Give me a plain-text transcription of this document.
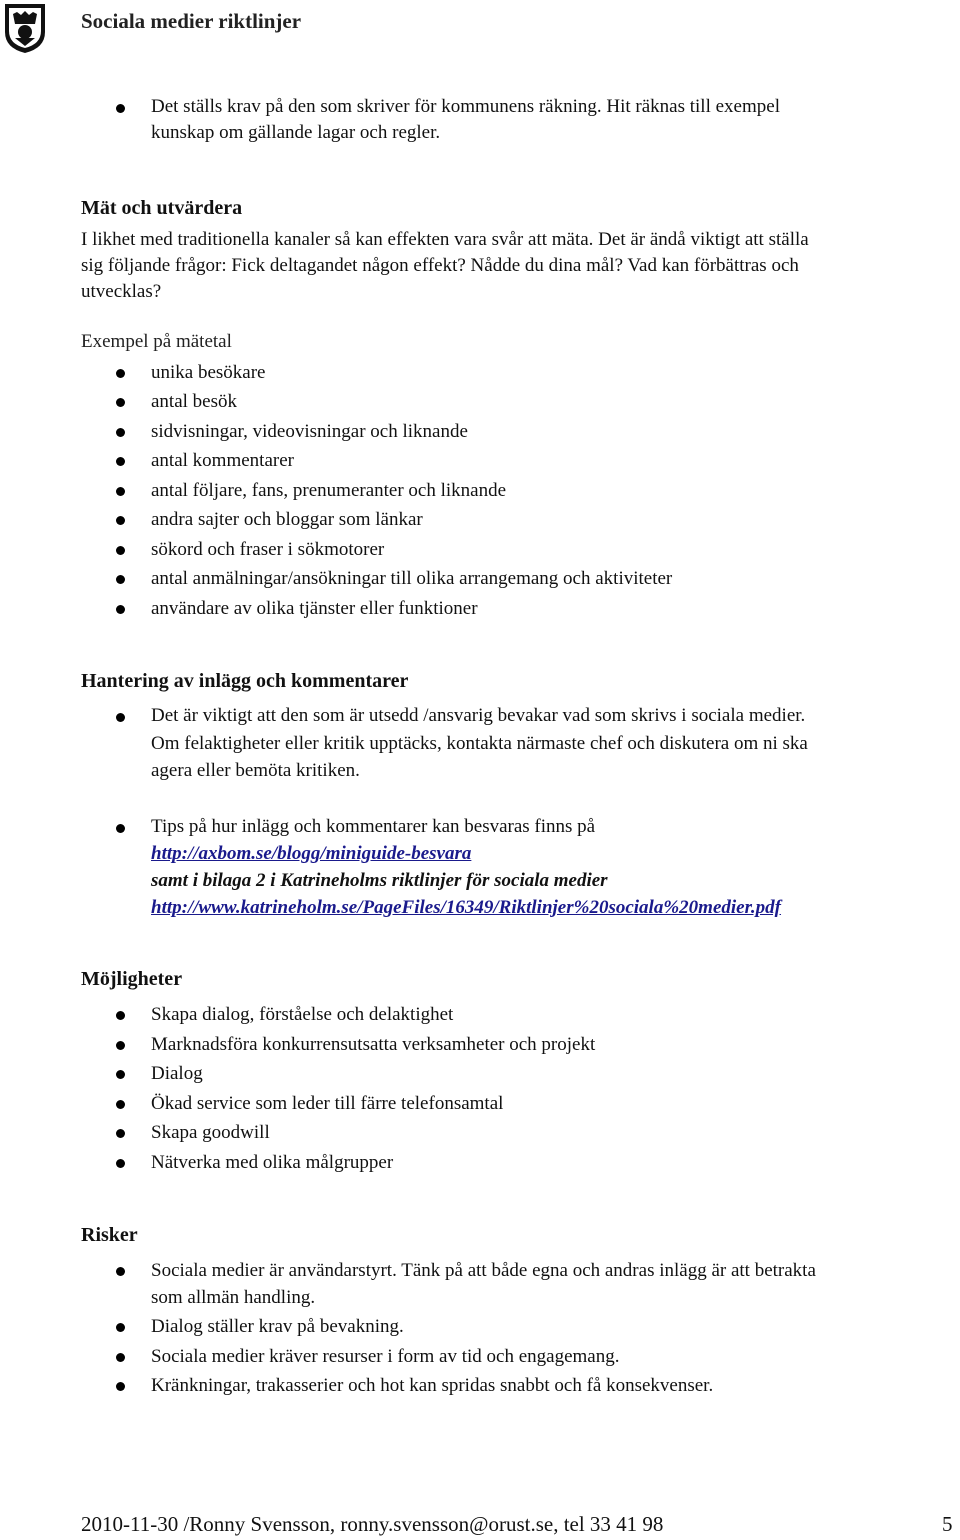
Sociala medier riktlinjer
Det ställs krav på den som skriver för kommunens räkning. Hit räknas till exempel
kunskap om gällande lagar och regler.
Mät och utvärdera
I likhet med traditionella kanaler så kan effekten vara svår att mäta. Det är ändå viktigt att ställa
sig följande frågor: Fick deltagandet någon effekt? Nådde du dina mål? Vad kan förbättras och
utvecklas?
Exempel på mätetal
unika besökare
antal besök
sidvisningar, videovisningar och liknande
antal kommentarer
antal följare, fans, prenumeranter och liknande
andra sajter och bloggar som länkar
sökord och fraser i sökmotorer
antal anmälningar/ansökningar till olika arrangemang och aktiviteter
användare av olika tjänster eller funktioner
Hantering av inlägg och kommentarer
Det är viktigt att den som är utsedd /ansvarig bevakar vad som skrivs i sociala medier.
Om felaktigheter eller kritik upptäcks, kontakta närmaste chef och diskutera om ni ska
agera eller bemöta kritiken.
Tips på hur inlägg och kommentarer kan besvaras finns på
http://axbom.se/blogg/miniguide-besvara
samt i bilaga 2 i Katrineholms riktlinjer för sociala medier
http://www.katrineholm.se/PageFiles/16349/Riktlinjer%20sociala%20medier.pdf
Möjligheter
Skapa dialog, förståelse och delaktighet
Marknadsföra konkurrensutsatta verksamheter och projekt
Dialog
Ökad service som leder till färre telefonsamtal
Skapa goodwill
Nätverka med olika målgrupper
Risker
Sociala medier är användarstyrt. Tänk på att både egna och andras inlägg är att betrakta
som allmän handling.
Dialog ställer krav på bevakning.
Sociala medier kräver resurser i form av tid och engagemang.
Kränkningar, trakasserier och hot kan spridas snabbt och få konsekvenser.
2010-11-30 /Ronny Svensson, ronny.svensson@orust.se, tel 33 41 98	5
